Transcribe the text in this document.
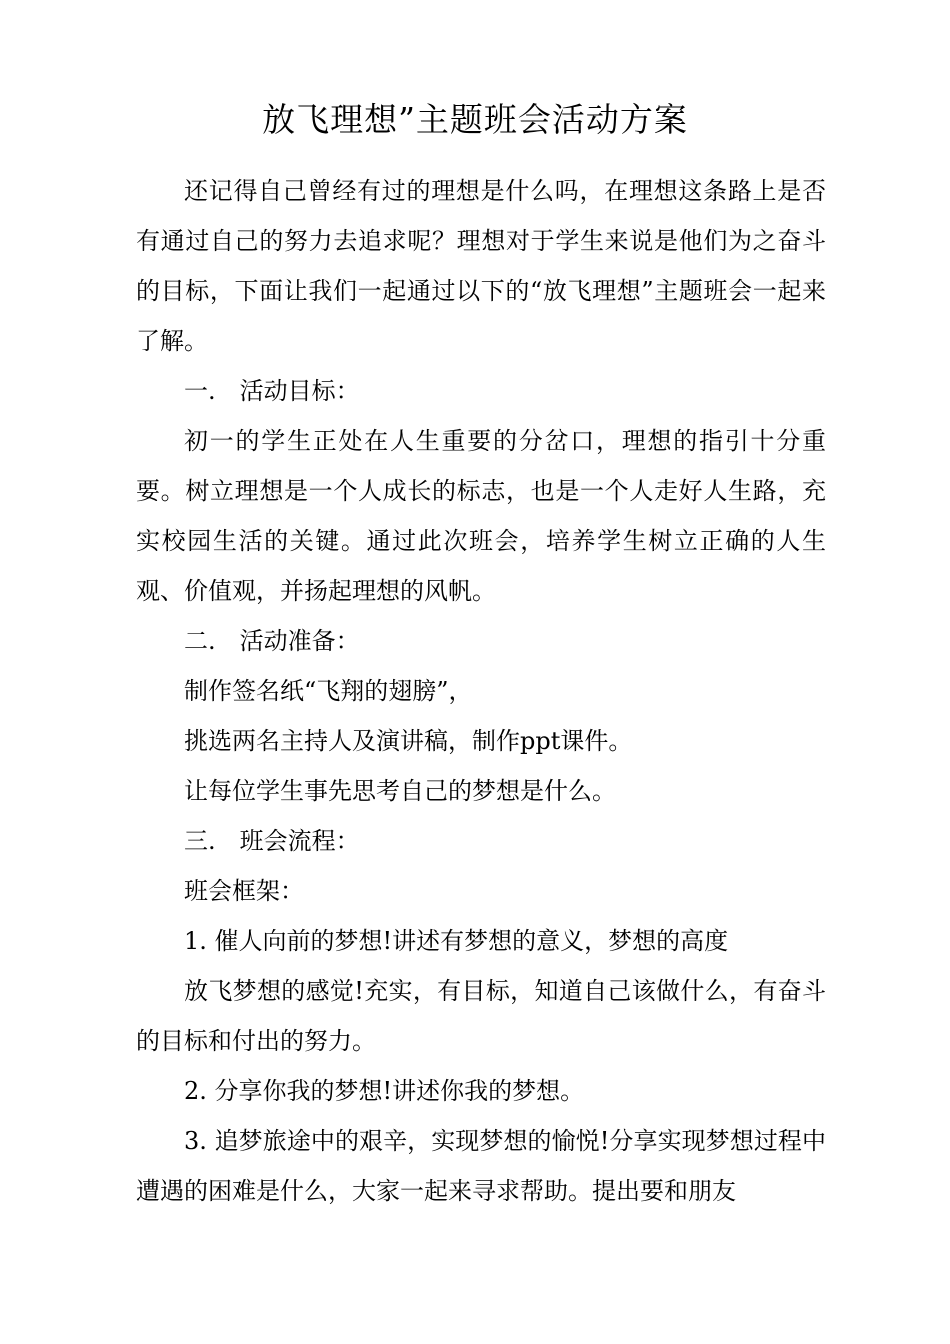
放飞理想”主题班会活动方案

还记得自己曾经有过的理想是什么吗，在理想这条路上是否有通过自己的努力去追求呢？理想对于学生来说是他们为之奋斗的目标，下面让我们一起通过以下的“放飞理想”主题班会一起来了解。

一.　活动目标：

初一的学生正处在人生重要的分岔口，理想的指引十分重要。树立理想是一个人成长的标志，也是一个人走好人生路，充实校园生活的关键。通过此次班会，培养学生树立正确的人生观、价值观，并扬起理想的风帆。

二.　活动准备：

制作签名纸“飞翔的翅膀”，

挑选两名主持人及演讲稿，制作ppt课件。

让每位学生事先思考自己的梦想是什么。

三.　班会流程：

班会框架：

1. 催人向前的梦想!讲述有梦想的意义，梦想的高度

放飞梦想的感觉!充实，有目标，知道自己该做什么，有奋斗的目标和付出的努力。

2. 分享你我的梦想!讲述你我的梦想。

3. 追梦旅途中的艰辛，实现梦想的愉悦!分享实现梦想过程中遭遇的困难是什么，大家一起来寻求帮助。提出要和朋友
